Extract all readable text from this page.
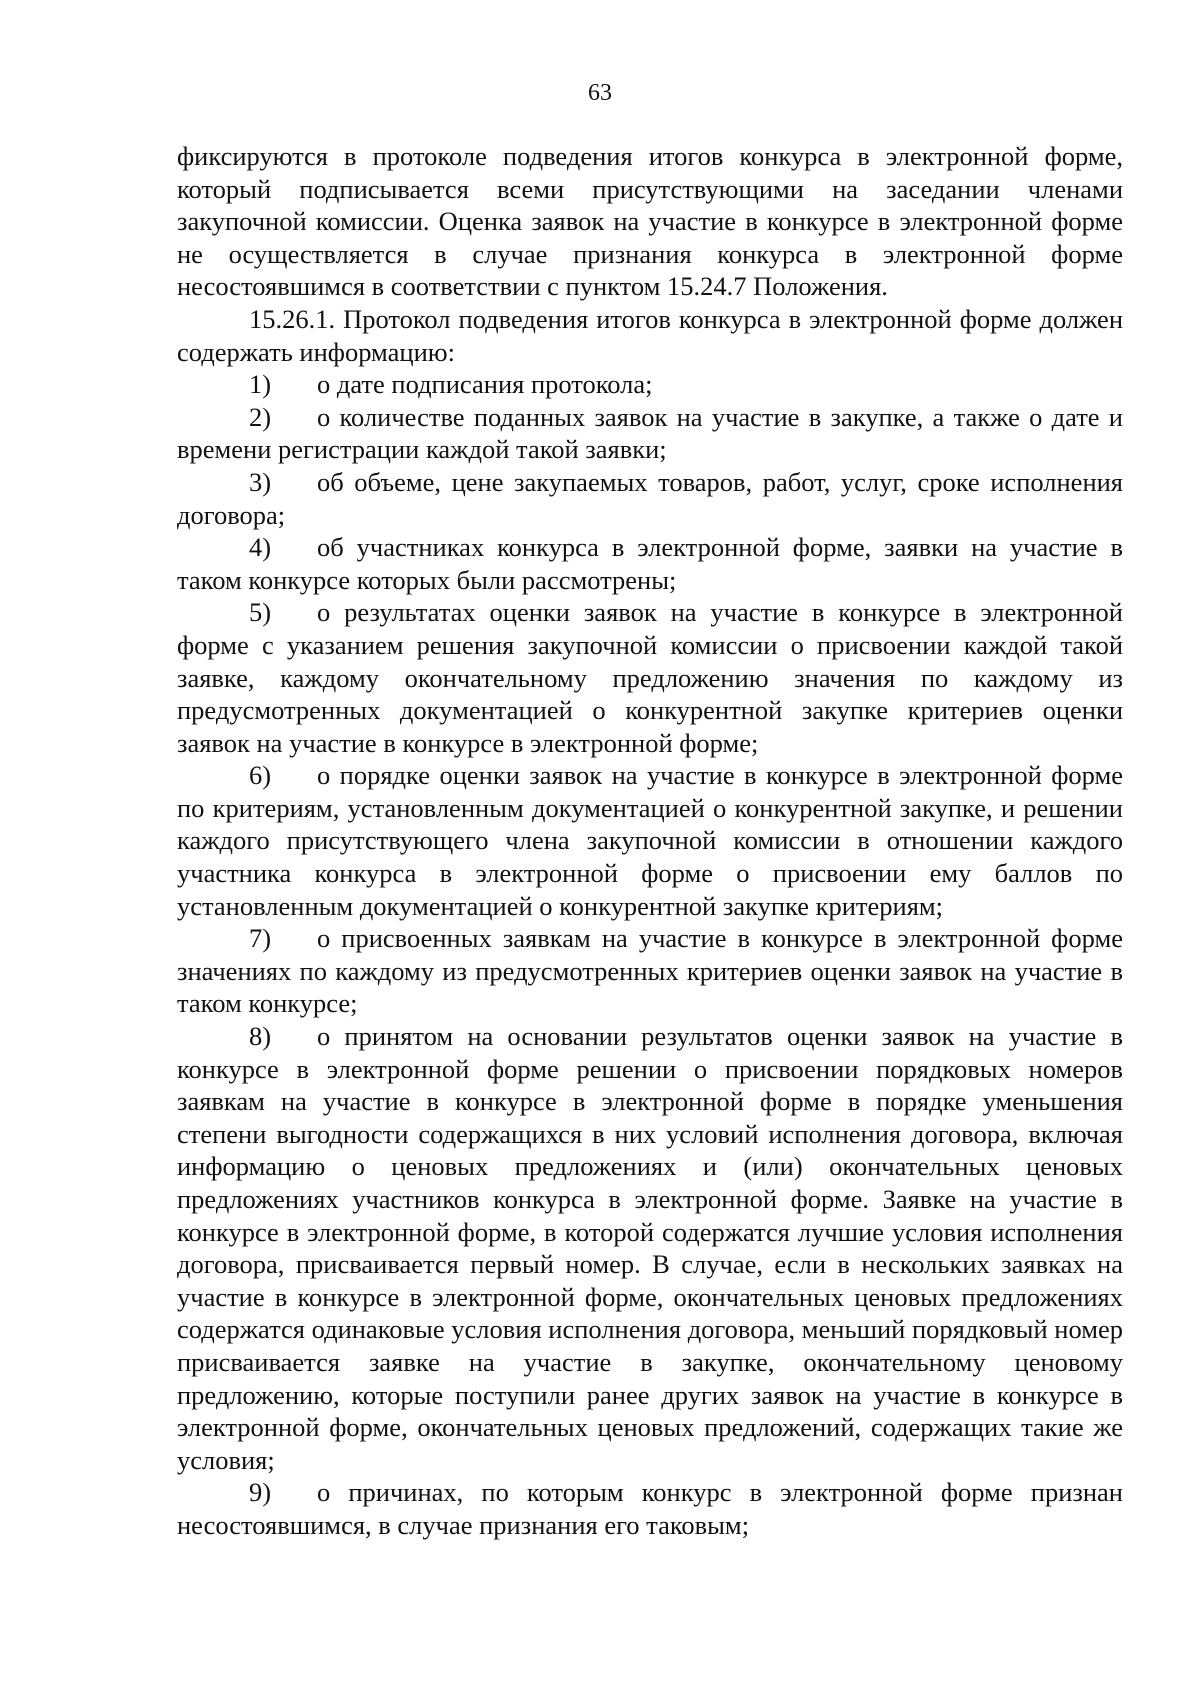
63

фиксируются в протоколе подведения итогов конкурса в электронной форме, который подписывается всеми присутствующими на заседании членами закупочной комиссии. Оценка заявок на участие в конкурсе в электронной форме не осуществляется в случае признания конкурса в электронной форме несостоявшимся в соответствии с пунктом 15.24.7 Положения.

15.26.1. Протокол подведения итогов конкурса в электронной форме должен содержать информацию:

1) о дате подписания протокола;

2) о количестве поданных заявок на участие в закупке, а также о дате и времени регистрации каждой такой заявки;

3) об объеме, цене закупаемых товаров, работ, услуг, сроке исполнения договора;

4) об участниках конкурса в электронной форме, заявки на участие в таком конкурсе которых были рассмотрены;

5) о результатах оценки заявок на участие в конкурсе в электронной форме с указанием решения закупочной комиссии о присвоении каждой такой заявке, каждому окончательному предложению значения по каждому из предусмотренных документацией о конкурентной закупке критериев оценки заявок на участие в конкурсе в электронной форме;

6) о порядке оценки заявок на участие в конкурсе в электронной форме по критериям, установленным документацией о конкурентной закупке, и решении каждого присутствующего члена закупочной комиссии в отношении каждого участника конкурса в электронной форме о присвоении ему баллов по установленным документацией о конкурентной закупке критериям;

7) о присвоенных заявкам на участие в конкурсе в электронной форме значениях по каждому из предусмотренных критериев оценки заявок на участие в таком конкурсе;

8) о принятом на основании результатов оценки заявок на участие в конкурсе в электронной форме решении о присвоении порядковых номеров заявкам на участие в конкурсе в электронной форме в порядке уменьшения степени выгодности содержащихся в них условий исполнения договора, включая информацию о ценовых предложениях и (или) окончательных ценовых предложениях участников конкурса в электронной форме. Заявке на участие в конкурсе в электронной форме, в которой содержатся лучшие условия исполнения договора, присваивается первый номер. В случае, если в нескольких заявках на участие в конкурсе в электронной форме, окончательных ценовых предложениях содержатся одинаковые условия исполнения договора, меньший порядковый номер присваивается заявке на участие в закупке, окончательному ценовому предложению, которые поступили ранее других заявок на участие в конкурсе в электронной форме, окончательных ценовых предложений, содержащих такие же условия;

9) о причинах, по которым конкурс в электронной форме признан несостоявшимся, в случае признания его таковым;
